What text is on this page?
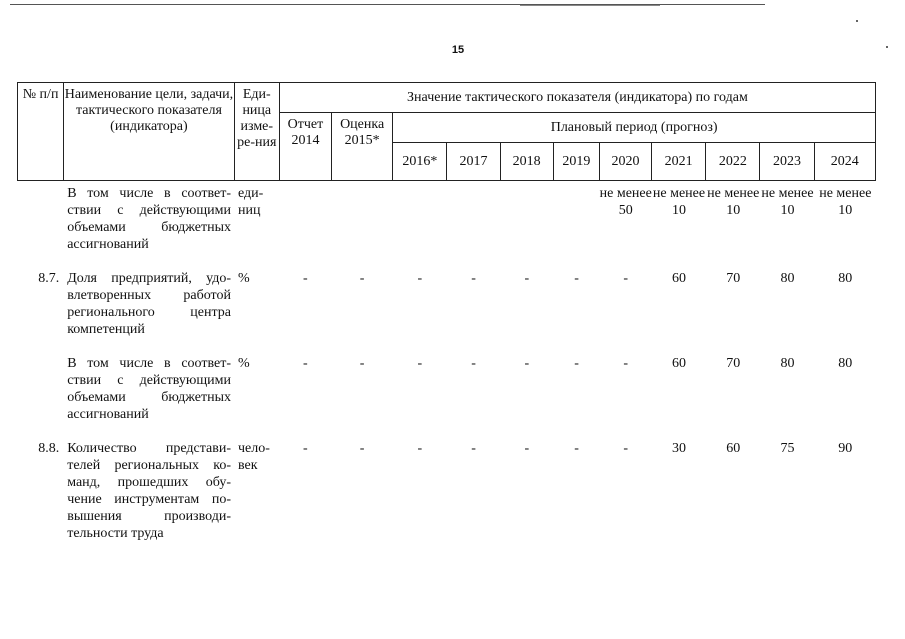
15
№ п/п	Наименование цели, задачи, тактического показателя (индикатора)	Еди-ница изме-ре-ния	Значение тактического показателя (индикатора) по годам										
			Отчет 2014	Оценка 2015*	Плановый период (прогноз)								
					2016*	2017	2018	2019	2020	2021	2022	2023	2024
	В том числе в соответ-ствии с действующими объемами бюджетных ассигнований	еди-ниц							не менее 50	не менее 10	не менее 10	не менее 10	не менее 10
8.7.	Доля предприятий, удо-влетворенных работой регионального центра компетенций	%	-	-	-	-	-	-	-	60	70	80	80
	В том числе в соответ-ствии с действующими объемами бюджетных ассигнований	%	-	-	-	-	-	-	-	60	70	80	80
8.8.	Количество представи-телей региональных ко-манд, прошедших обу-чение инструментам по-вышения производи-тельности труда	чело-век	-	-	-	-	-	-	-	30	60	75	90
